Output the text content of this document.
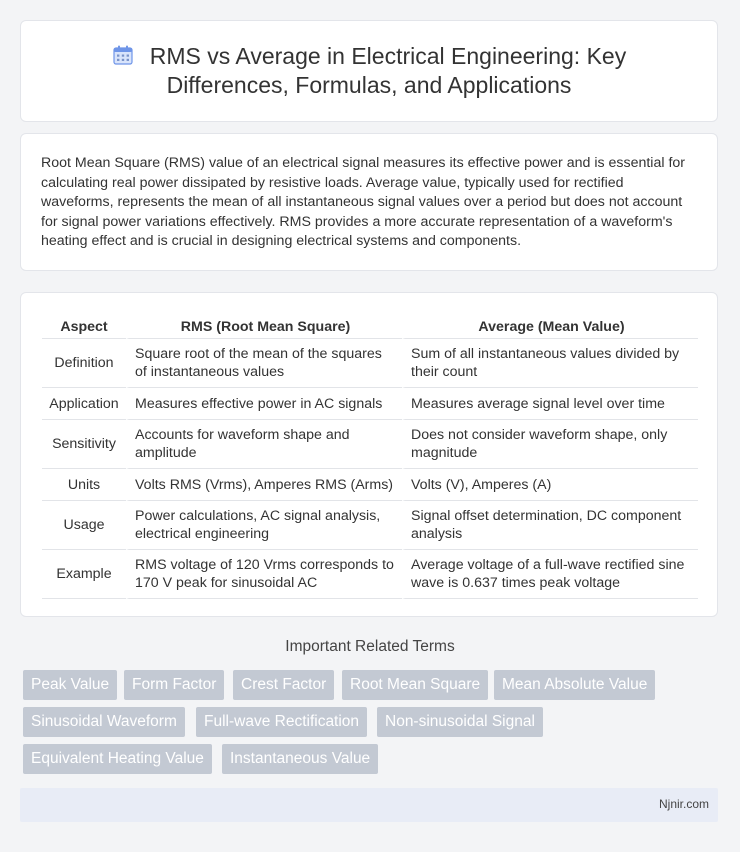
RMS vs Average in Electrical Engineering: Key
Differences, Formulas, and Applications

Root Mean Square (RMS) value of an electrical signal measures its effective power and is essential for calculating real power dissipated by resistive loads. Average value, typically used for rectified waveforms, represents the mean of all instantaneous signal values over a period but does not account for signal power variations effectively. RMS provides a more accurate representation of a waveform's heating effect and is crucial in designing electrical systems and components.

Aspect	RMS (Root Mean Square)	Average (Mean Value)
Definition	Square root of the mean of the squares of instantaneous values	Sum of all instantaneous values divided by their count
Application	Measures effective power in AC signals	Measures average signal level over time
Sensitivity	Accounts for waveform shape and amplitude	Does not consider waveform shape, only magnitude
Units	Volts RMS (Vrms), Amperes RMS (Arms)	Volts (V), Amperes (A)
Usage	Power calculations, AC signal analysis, electrical engineering	Signal offset determination, DC component analysis
Example	RMS voltage of 120 Vrms corresponds to 170 V peak for sinusoidal AC	Average voltage of a full-wave rectified sine wave is 0.637 times peak voltage
Important Related Terms
Peak Value	Form Factor	Crest Factor	Root Mean Square	Mean Absolute Value
Sinusoidal Waveform	Full-wave Rectification	Non-sinusoidal Signal
Equivalent Heating Value	Instantaneous Value
Njnir.com
